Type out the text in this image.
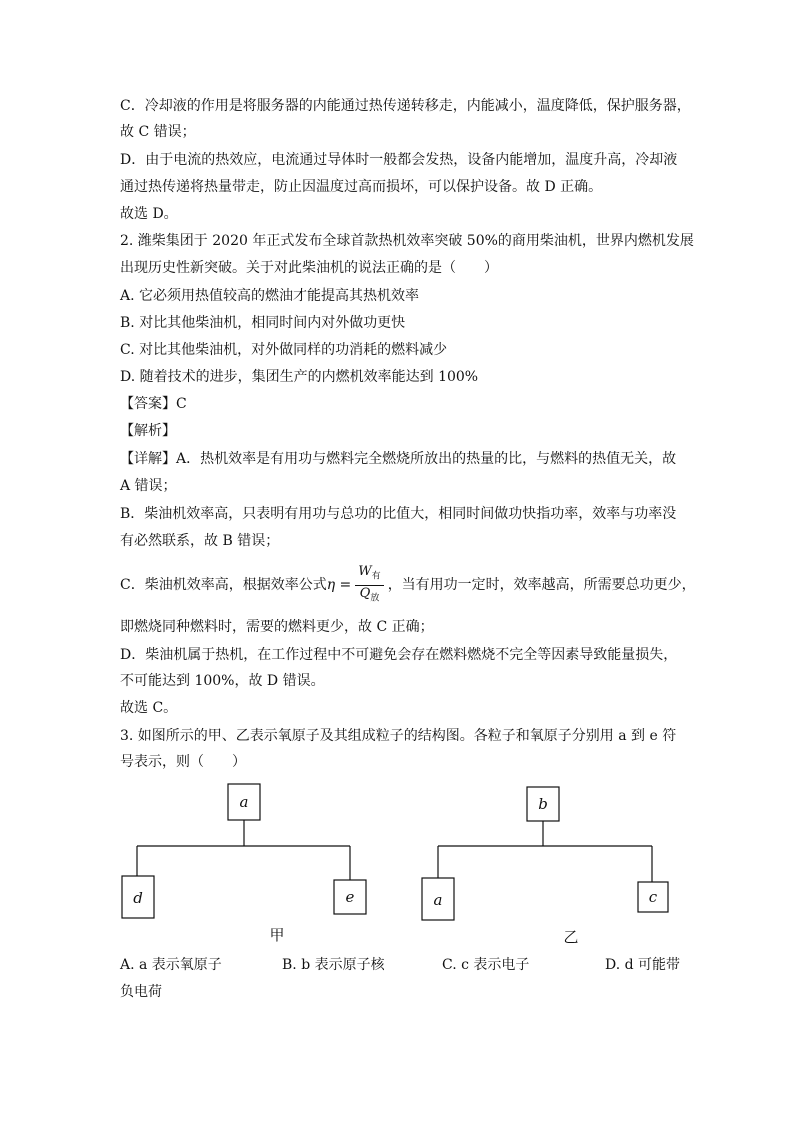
C．冷却液的作用是将服务器的内能通过热传递转移走，内能减小，温度降低，保护服务器，
故 C 错误；
D．由于电流的热效应，电流通过导体时一般都会发热，设备内能增加，温度升高，冷却液
通过热传递将热量带走，防止因温度过高而损坏，可以保护设备。故 D 正确。
故选 D。
2. 潍柴集团于 2020 年正式发布全球首款热机效率突破 50%的商用柴油机，世界内燃机发展
出现历史性新突破。关于对此柴油机的说法正确的是（　　）
A. 它必须用热值较高的燃油才能提高其热机效率
B. 对比其他柴油机，相同时间内对外做功更快
C. 对比其他柴油机，对外做同样的功消耗的燃料减少
D. 随着技术的进步，集团生产的内燃机效率能达到 100%
【答案】C
【解析】
【详解】A．热机效率是有用功与燃料完全燃烧所放出的热量的比，与燃料的热值无关，故
A 错误；
B．柴油机效率高，只表明有用功与总功的比值大，相同时间做功快指功率，效率与功率没
有必然联系，故 B 错误；
C．柴油机效率高，根据效率公式 $\eta = \frac{W_有}{Q_放}$ ，当有用功一定时，效率越高，所需要总功更少，
即燃烧同种燃料时，需要的燃料更少，故 C 正确；
D．柴油机属于热机，在工作过程中不可避免会存在燃料燃烧不完全等因素导致能量损失，
不可能达到 100%，故 D 错误。
故选 C。
3. 如图所示的甲、乙表示氧原子及其组成粒子的结构图。各粒子和氧原子分别用 a 到 e 符
号表示，则（　　）
a
d	e
b
a	c
甲	乙
A. a 表示氧原子	B. b 表示原子核	C. c 表示电子	D. d 可能带
负电荷
